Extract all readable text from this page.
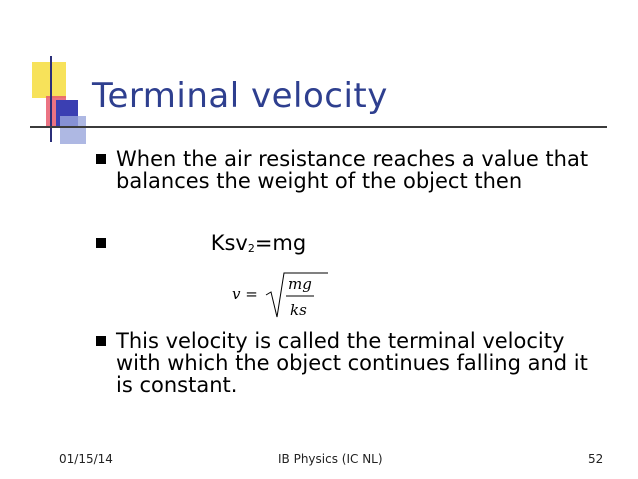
Terminal velocity
When the air resistance reaches a value that balances the weight of the object then
Ksv2=mg
v =
mg
ks
This velocity is called the terminal velocity with which the object continues falling and it is constant.
01/15/14	IB Physics (IC NL)	52
